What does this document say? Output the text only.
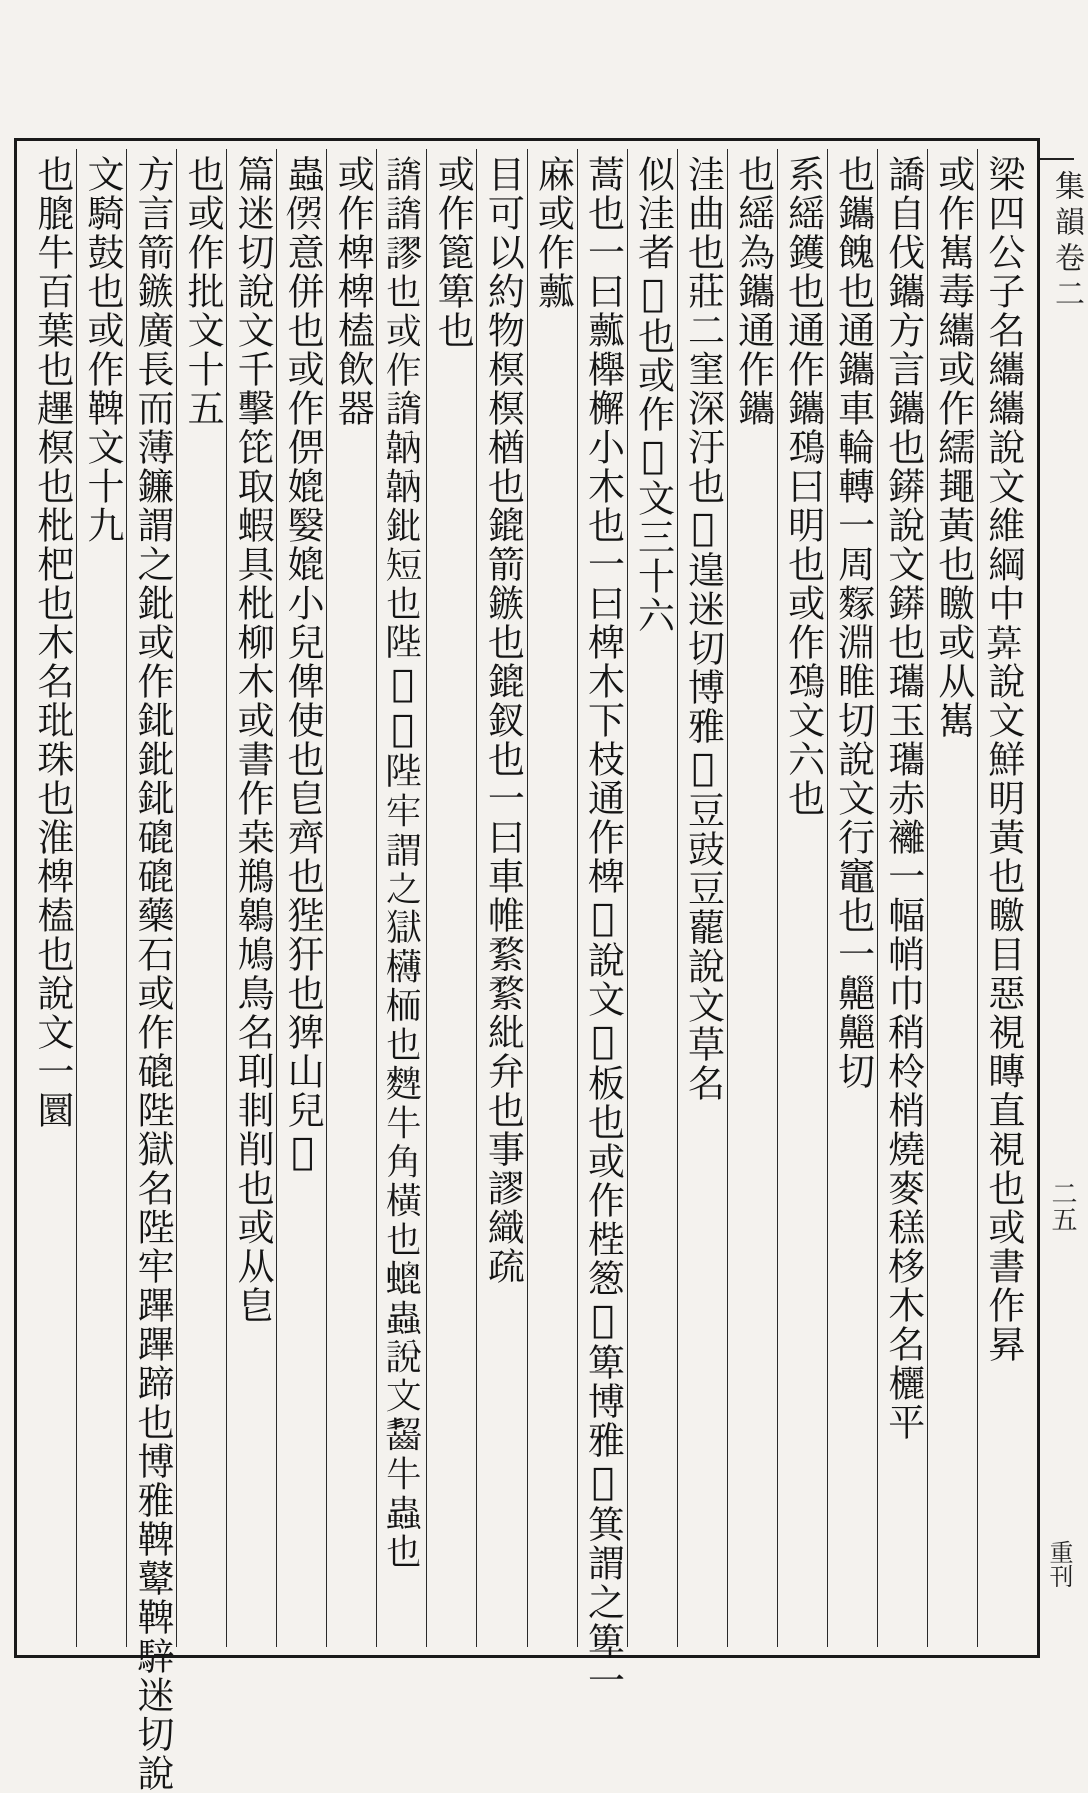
梁四公子名纗纗說文維綱中𦳕說文鮮明黃也䁶目惡視䁣直視也或書作昪
或作嶲毒纗或作繻䵷黃也䁶或从嶲
譑自伐鑴方言鑴也䥈說文䥈也瓗玉瓗赤䙰一幅帩巾稍柃梢燒麥䅵栘木名欐平
也鑴餽也通鑴車輪轉一周䴿淵睢切說文行竈也一齆齆切
系䌊鑊也通作鑴䲹曰明也或作䲹文六也
也䌊為鑴通作鑴
洼曲也莊二窐深汙也𨈂遑迷切博雅𨈂豆豉豆藣說文草名
似洼者𨈂也或作𨈂文三十六
蒿也一曰䕯櫸檞小木也一曰椑木下枝通作椑𣐟說文𣐟板也或作梐䈡𥳒箄博雅𥳒箕謂之箄一
麻或作䕯
目可以約物榠榠楢也鎞箭鏃也鎞釵也一曰車帷䋷䋷紕弁也事謬織疏
或作篦箄也
𧫐𧫐謬也或作𧫐䪏䪏鈚短也陛𨿊𨿊陛牢謂之獄欂栭也䴽牛角橫也螕蟲說文齧牛蟲也
或作椑椑榼飲器
蟲𠊨意併也或作㑭媲嫛媲小兒俾使也皀齊也狴犴也猈山兒𨿊
篇迷切說文千擊笓取蝦具枇柳木或書作桒鵧鷎鳩鳥名刵剕削也或从皀
也或作批文十五
方言箭鏃廣長而薄鐮謂之鈚或作鉳鈚鉳磇磇藥石或作磇陛獄名陛牢蹕蹕蹄也博雅鞞鼙鞞騂迷切說
文騎鼓也或作鞞文十九
也膍牛百葉也䟆榠也枇杷也木名玭珠也淮椑榼也說文一圜	集韻卷二
二五
重刊
